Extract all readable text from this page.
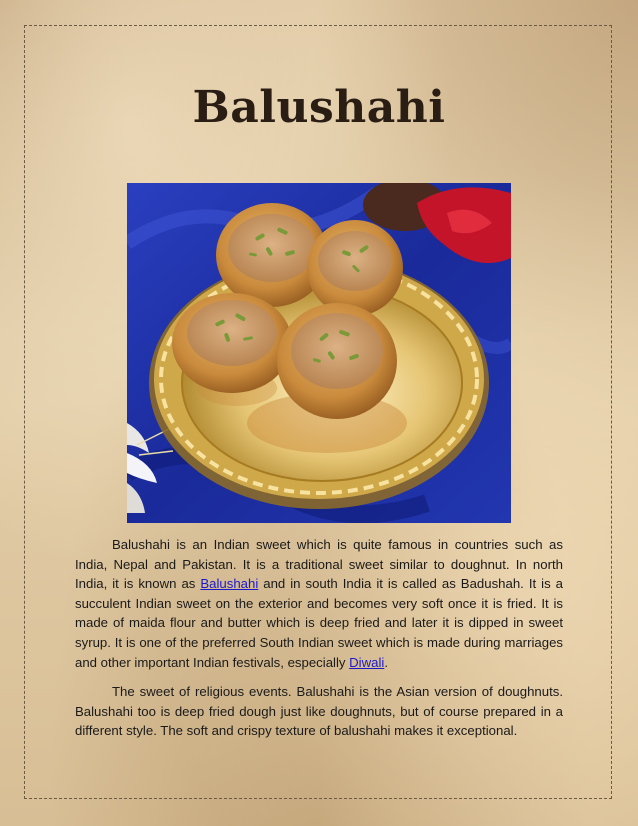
Balushahi

Balushahi is an Indian sweet which is quite famous in countries such as India, Nepal and Pakistan. It is a traditional sweet similar to doughnut. In north India, it is known as Balushahi and in south India it is called as Badushah. It is a succulent Indian sweet on the exterior and becomes very soft once it is fried. It is made of maida flour and butter which is deep fried and later it is dipped in sweet syrup. It is one of the preferred South Indian sweet which is made during marriages and other important Indian festivals, especially Diwali.

The sweet of religious events. Balushahi is the Asian version of doughnuts. Balushahi too is deep fried dough just like doughnuts, but of course prepared in a different style. The soft and crispy texture of balushahi makes it exceptional.
